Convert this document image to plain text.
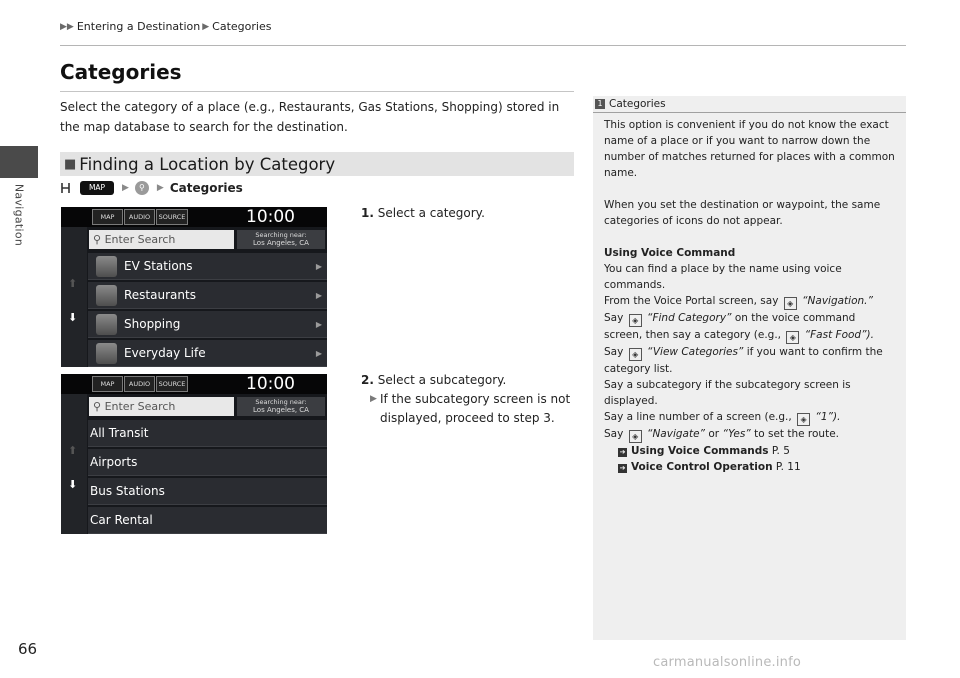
Navigation
▶▶ Entering a Destination ▶ Categories
Categories
Select the category of a place (e.g., Restaurants, Gas Stations, Shopping) stored in the map database to search for the destination.
■ Finding a Location by Category
MAP	▶	⚲	▶ Categories
MAP	AUDIO	SOURCE	10:00
⬆
⬇
⚲ Enter Search	Searching near:
Los Angeles, CA
EV Stations	▶
Restaurants	▶
Shopping	▶
Everyday Life	▶
MAP	AUDIO	SOURCE	10:00
⬆
⬇
⚲ Enter Search	Searching near:
Los Angeles, CA
All Transit
Airports
Bus Stations
Car Rental
1. Select a category.
2. Select a subcategory.
▶ If the subcategory screen is not displayed, proceed to step 3.
1 Categories

This option is convenient if you do not know the exact name of a place or if you want to narrow down the number of matches returned for places with a common name.

When you set the destination or waypoint, the same categories of icons do not appear.

Using Voice Command

You can find a place by the name using voice commands.

From the Voice Portal screen, say ◈ “Navigation.”

Say ◈ “Find Category” on the voice command screen, then say a category (e.g., ◈ “Fast Food”).

Say ◈ “View Categories” if you want to confirm the category list.

Say a subcategory if the subcategory screen is displayed.

Say a line number of a screen (e.g., ◈ “1”).

Say ◈ “Navigate” or “Yes” to set the route.

➔ Using Voice Commands P. 5

➔ Voice Control Operation P. 11

66
carmanualsonline.info
